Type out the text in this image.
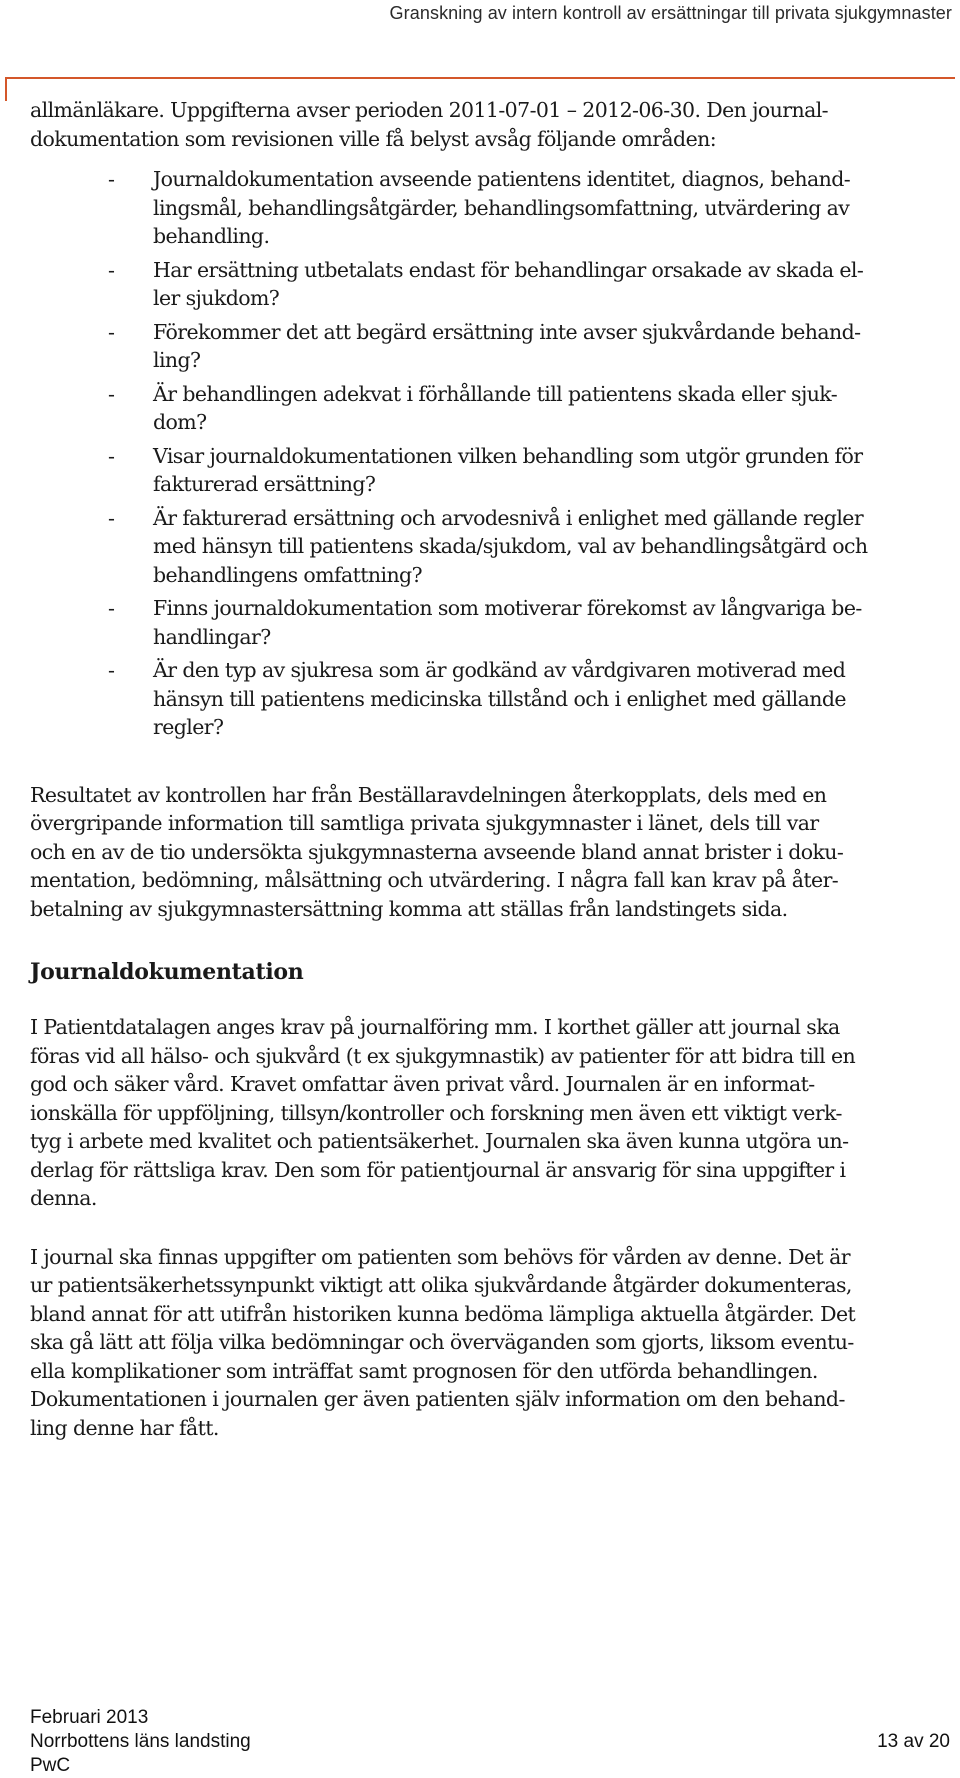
Granskning av intern kontroll av ersättningar till privata sjukgymnaster

allmänläkare. Uppgifterna avser perioden 2011-07-01 – 2012-06-30. Den journal-
dokumentation som revisionen ville få belyst avsåg följande områden:

- Journaldokumentation avseende patientens identitet, diagnos, behand-
lingsmål, behandlingsåtgärder, behandlingsomfattning, utvärdering av
behandling.
- Har ersättning utbetalats endast för behandlingar orsakade av skada el-
ler sjukdom?
- Förekommer det att begärd ersättning inte avser sjukvårdande behand-
ling?
- Är behandlingen adekvat i förhållande till patientens skada eller sjuk-
dom?
- Visar journaldokumentationen vilken behandling som utgör grunden för
fakturerad ersättning?
- Är fakturerad ersättning och arvodesnivå i enlighet med gällande regler
med hänsyn till patientens skada/sjukdom, val av behandlingsåtgärd och
behandlingens omfattning?
- Finns journaldokumentation som motiverar förekomst av långvariga be-
handlingar?
- Är den typ av sjukresa som är godkänd av vårdgivaren motiverad med
hänsyn till patientens medicinska tillstånd och i enlighet med gällande
regler?

Resultatet av kontrollen har från Beställaravdelningen återkopplats, dels med en
övergripande information till samtliga privata sjukgymnaster i länet, dels till var
och en av de tio undersökta sjukgymnasterna avseende bland annat brister i doku-
mentation, bedömning, målsättning och utvärdering. I några fall kan krav på åter-
betalning av sjukgymnastersättning komma att ställas från landstingets sida.

Journaldokumentation

I Patientdatalagen anges krav på journalföring mm. I korthet gäller att journal ska
föras vid all hälso- och sjukvård (t ex sjukgymnastik) av patienter för att bidra till en
god och säker vård. Kravet omfattar även privat vård. Journalen är en informat-
ionskälla för uppföljning, tillsyn/kontroller och forskning men även ett viktigt verk-
tyg i arbete med kvalitet och patientsäkerhet. Journalen ska även kunna utgöra un-
derlag för rättsliga krav. Den som för patientjournal är ansvarig för sina uppgifter i
denna.

I journal ska finnas uppgifter om patienten som behövs för vården av denne. Det är
ur patientsäkerhetssynpunkt viktigt att olika sjukvårdande åtgärder dokumenteras,
bland annat för att utifrån historiken kunna bedöma lämpliga aktuella åtgärder. Det
ska gå lätt att följa vilka bedömningar och överväganden som gjorts, liksom eventu-
ella komplikationer som inträffat samt prognosen för den utförda behandlingen.
Dokumentationen i journalen ger även patienten själv information om den behand-
ling denne har fått.

Februari 2013
Norrbottens läns landsting
PwC
13 av 20
